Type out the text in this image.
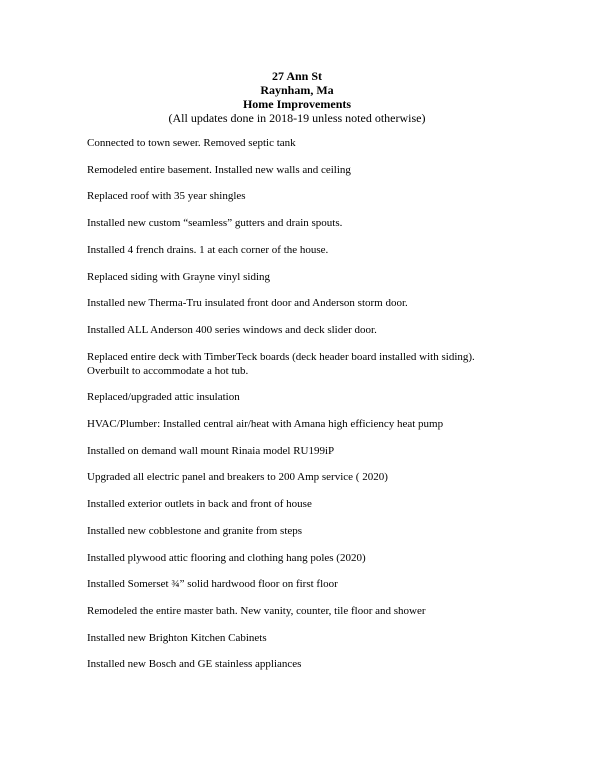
27 Ann St
Raynham, Ma
Home Improvements
(All updates done in 2018-19 unless noted otherwise)
Connected to town sewer. Removed septic tank
Remodeled entire basement. Installed new walls and ceiling
Replaced roof with 35 year shingles
Installed new custom “seamless” gutters and drain spouts.
Installed 4 french drains. 1 at each corner of the house.
Replaced siding with Grayne vinyl siding
Installed new Therma-Tru insulated front door and Anderson storm door.
Installed ALL Anderson 400 series windows and deck slider door.
Replaced entire deck with TimberTeck boards (deck header board installed with siding).
Overbuilt to accommodate a hot tub.
Replaced/upgraded attic insulation
HVAC/Plumber: Installed central air/heat with Amana high efficiency heat pump
Installed on demand wall mount Rinaia model RU199iP
Upgraded all electric panel and breakers to 200 Amp service ( 2020)
Installed exterior outlets in back and front of house
Installed new cobblestone and granite from steps
Installed plywood attic flooring and clothing hang poles (2020)
Installed Somerset ¾” solid hardwood floor on first floor
Remodeled the entire master bath. New vanity, counter, tile floor and shower
Installed new Brighton Kitchen Cabinets
Installed new Bosch and GE stainless appliances
